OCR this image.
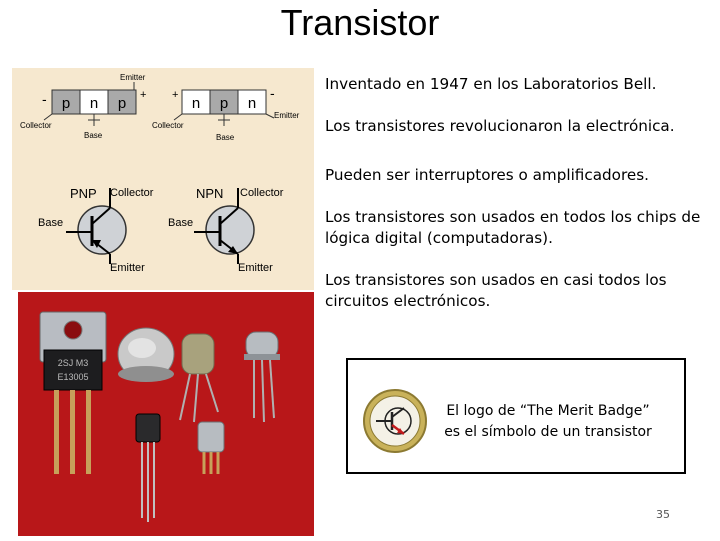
Transistor
p n p
-	+
Emitter
Collector
Base
n p n
+	-
Emitter
Collector
Base
PNP Collector
Base
Emitter
NPN Collector
Base
Emitter
2SJ M3
E13005

Inventado en 1947 en los Laboratorios Bell.

Los transistores revolucionaron la electrónica.

Pueden ser interruptores o amplificadores.

Los transistores son usados en todos los chips de lógica digital (computadoras).

Los transistores son usados en casi todos los circuitos electrónicos.

El logo de “The Merit Badge”
es el símbolo de un transistor
35
